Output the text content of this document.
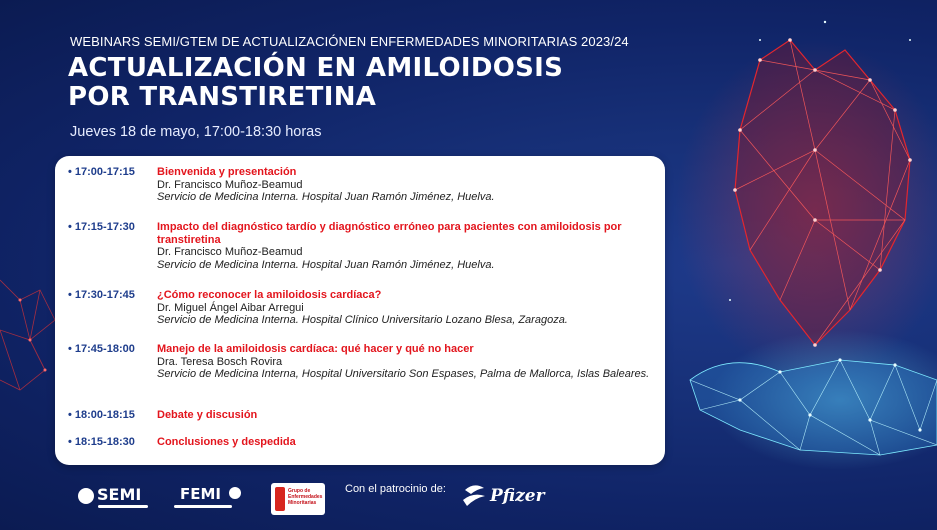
WEBINARS SEMI/GTEM DE ACTUALIZACIÓNEN ENFERMEDADES MINORITARIAS 2023/24
ACTUALIZACIÓN EN AMILOIDOSIS
POR TRANSTIRETINA
Jueves 18 de mayo, 17:00-18:30 horas
• 17:00-17:15 Bienvenida y presentación
Dr. Francisco Muñoz-Beamud
Servicio de Medicina Interna. Hospital Juan Ramón Jiménez, Huelva.
• 17:15-17:30 Impacto del diagnóstico tardío y diagnóstico erróneo para pacientes con amiloidosis por transtiretina
Dr. Francisco Muñoz-Beamud
Servicio de Medicina Interna. Hospital Juan Ramón Jiménez, Huelva.
• 17:30-17:45 ¿Cómo reconocer la amiloidosis cardíaca?
Dr. Miguel Ángel Aibar Arregui
Servicio de Medicina Interna. Hospital Clínico Universitario Lozano Blesa, Zaragoza.
• 17:45-18:00 Manejo de la amiloidosis cardíaca: qué hacer y qué no hacer
Dra. Teresa Bosch Rovira
Servicio de Medicina Interna, Hospital Universitario Son Espases, Palma de Mallorca, Islas Baleares.
• 18:00-18:15 Debate y discusión
• 18:15-18:30 Conclusiones y despedida
SEMI	FEMI	Grupo de Enfermedades Minoritarias
Con el patrocinio de:	Pfizer
